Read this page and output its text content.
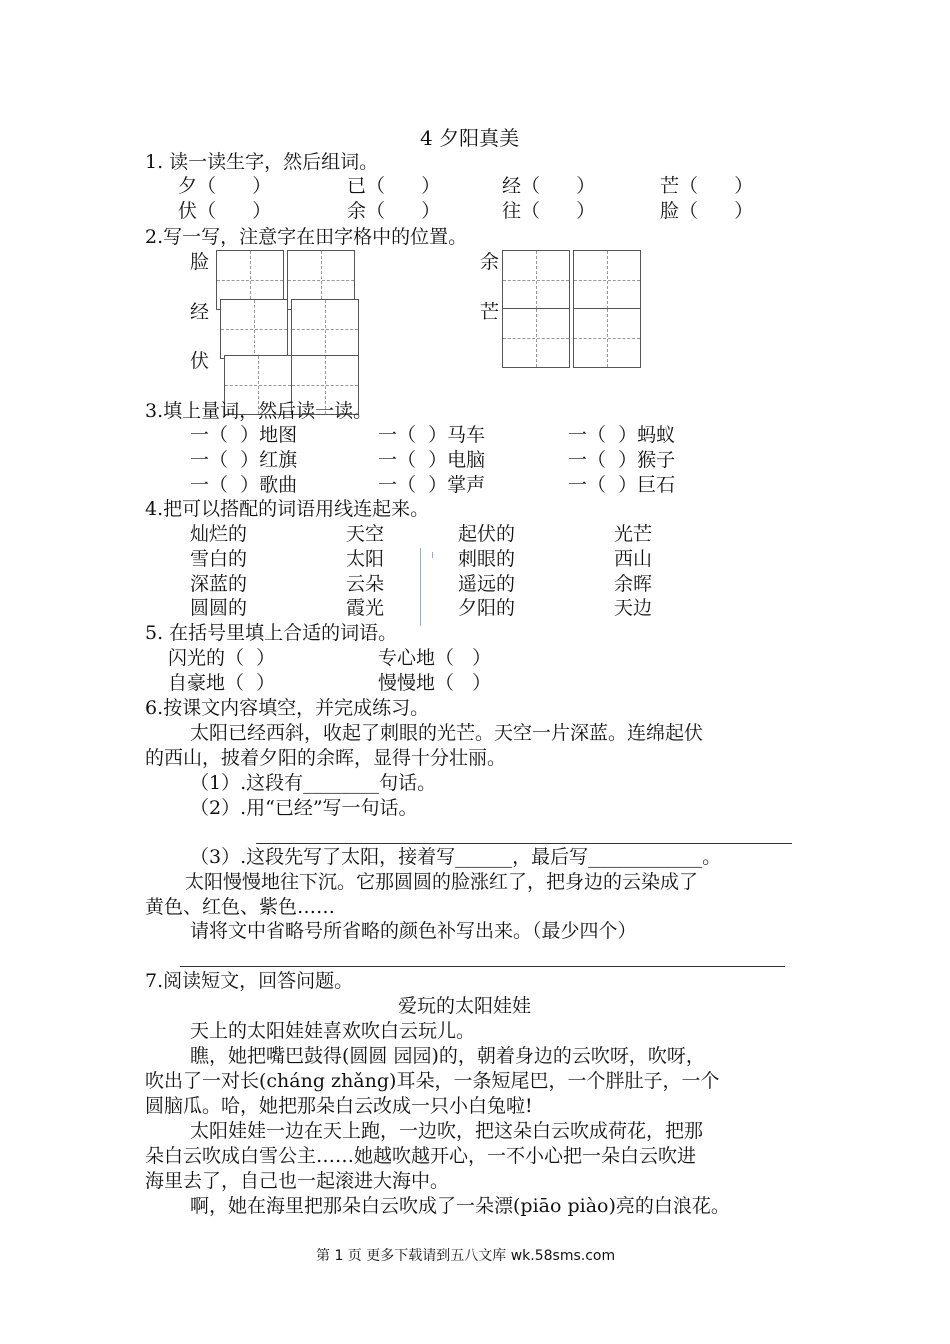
4 夕阳真美
1. 读一读生字，然后组词。
夕（      ）	已（      ）	经（      ）	芒（      ）
伏（      ）	余（      ）	往（      ）	脸（      ）
2.写一写，注意字在田字格中的位置。
脸
经
伏
余
芒
3.填上量词，然后读一读。
一（  ）地图	一（  ）马车	一（  ）蚂蚁
一（  ）红旗	一（  ）电脑	一（  ）猴子
一（  ）歌曲	一（  ）掌声	一（  ）巨石
4.把可以搭配的词语用线连起来。
灿烂的	天空	起伏的	光芒
雪白的	太阳	刺眼的	西山
深蓝的	云朵	遥远的	余晖
圆圆的	霞光	夕阳的	天边
5. 在括号里填上合适的词语。
闪光的（  ）	专心地（   ）
自豪地（  ）	慢慢地（   ）
6.按课文内容填空，并完成练习。
太阳已经西斜，收起了刺眼的光芒。天空一片深蓝。连绵起伏
的西山，披着夕阳的余晖，显得十分壮丽。
（1）.这段有________句话。
（2）.用“已经”写一句话。
（3）.这段先写了太阳，接着写______，最后写____________。
太阳慢慢地往下沉。它那圆圆的脸涨红了，把身边的云染成了
黄色、红色、紫色……
请将文中省略号所省略的颜色补写出来。（最少四个）
7.阅读短文，回答问题。
爱玩的太阳娃娃
天上的太阳娃娃喜欢吹白云玩儿。
瞧，她把嘴巴鼓得(圆圆 园园)的，朝着身边的云吹呀，吹呀，
吹出了一对长(cháng zhǎng)耳朵，一条短尾巴，一个胖肚子，一个
圆脑瓜。哈，她把那朵白云改成一只小白兔啦!
太阳娃娃一边在天上跑，一边吹，把这朵白云吹成荷花，把那
朵白云吹成白雪公主……她越吹越开心，一不小心把一朵白云吹进
海里去了，自己也一起滚进大海中。
啊，她在海里把那朵白云吹成了一朵漂(piāo piào)亮的白浪花。
第 1 页 更多下载请到五八文库 wk.58sms.com
